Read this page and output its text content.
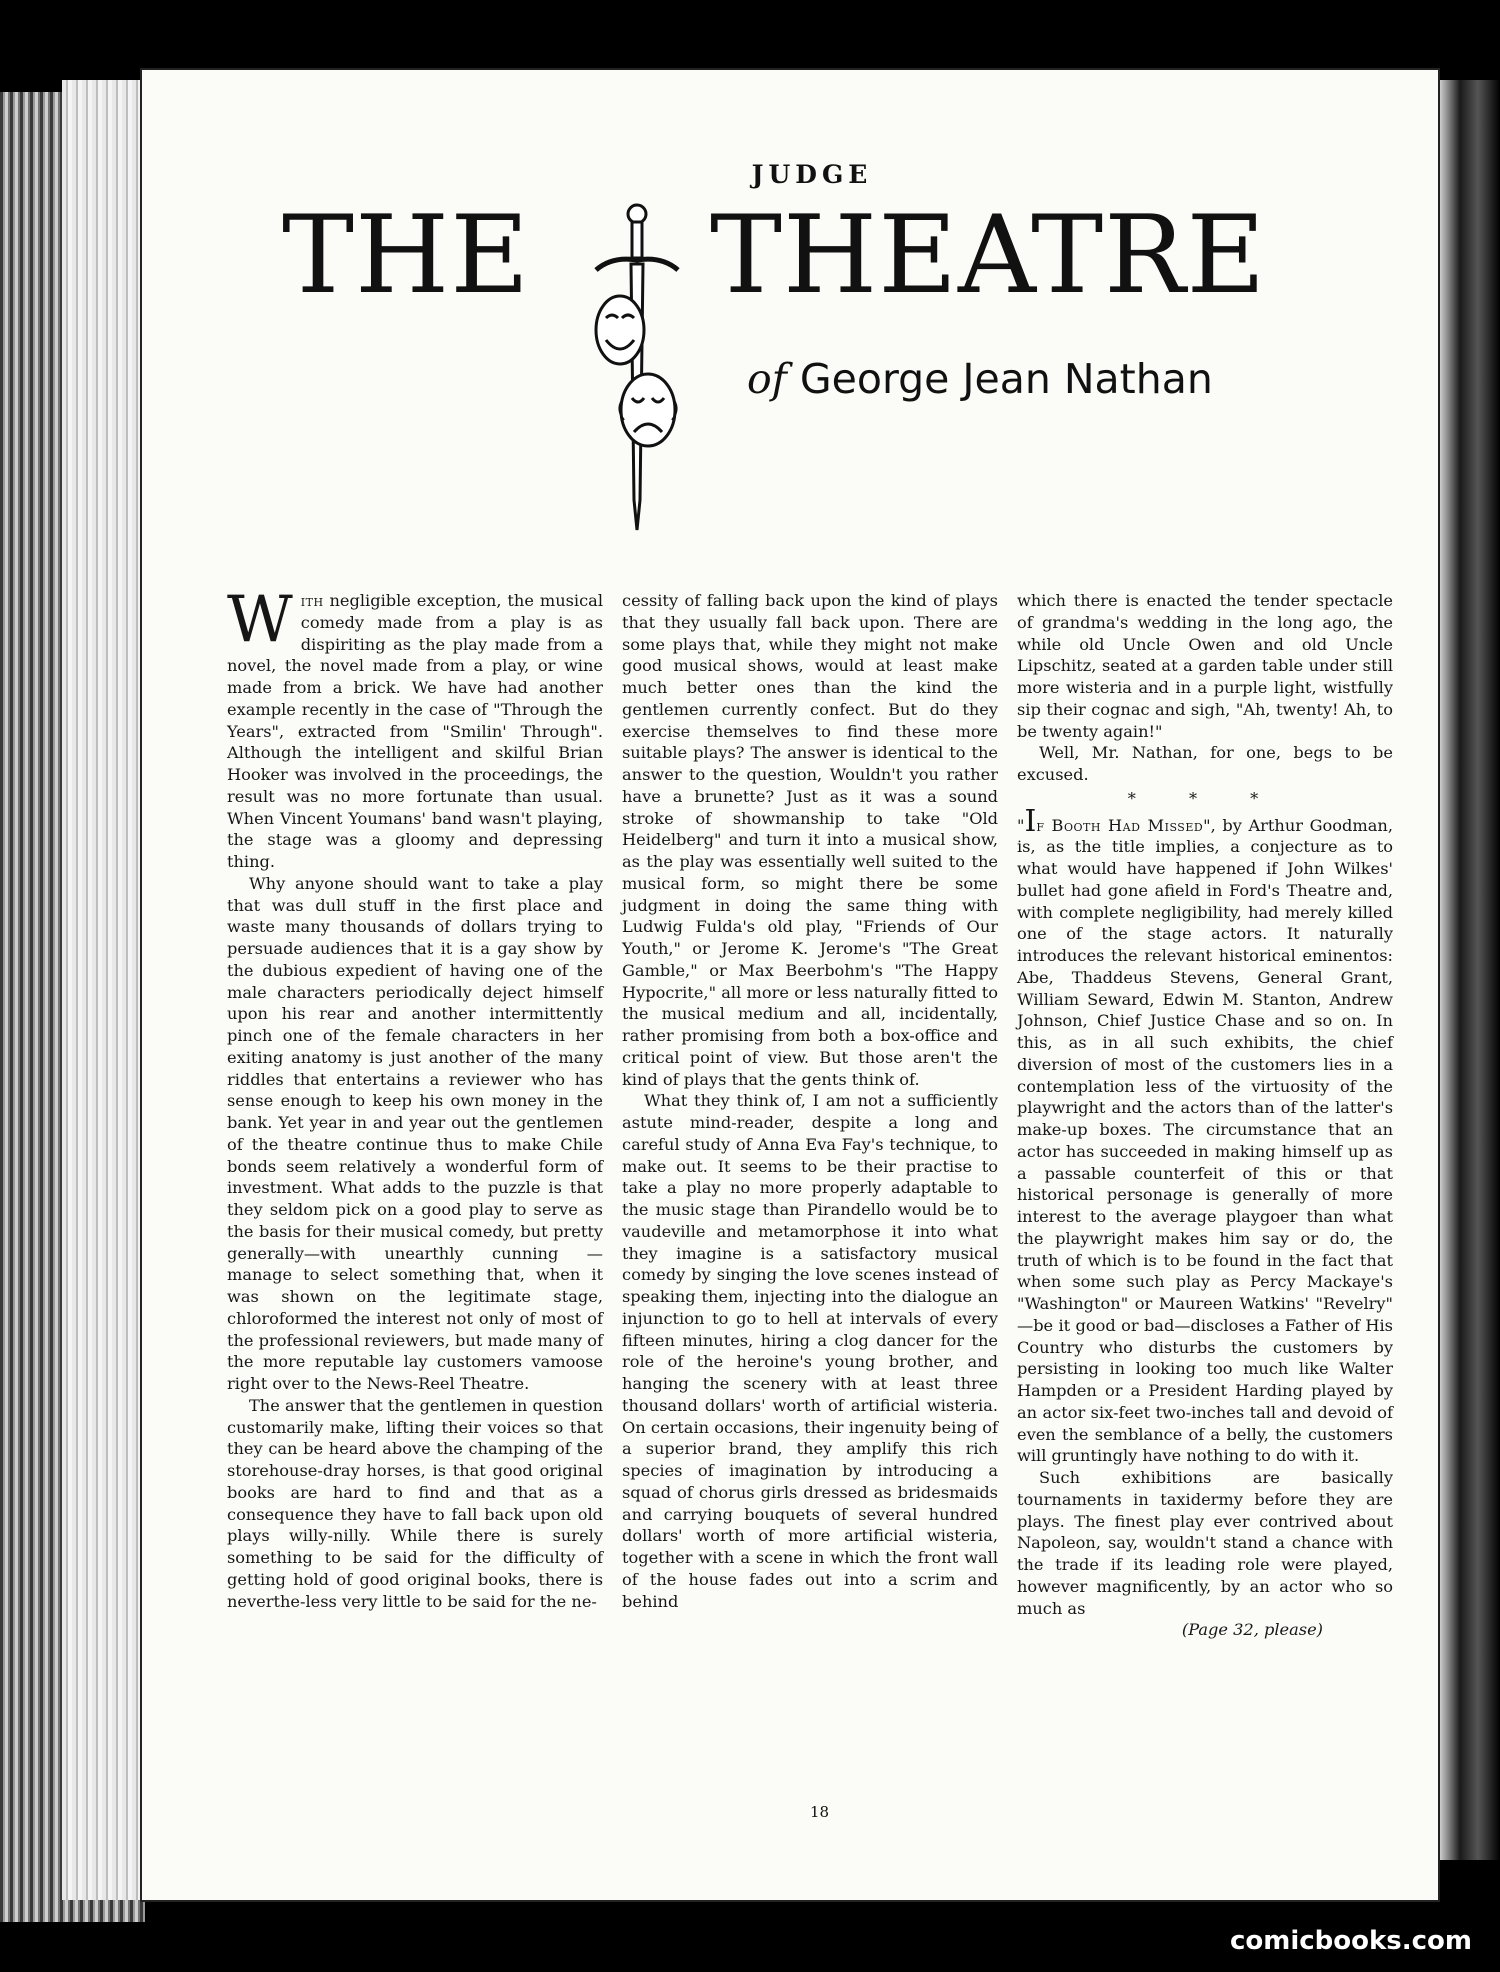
JUDGE
THE THEATRE
of George Jean Nathan

With negligible exception, the musical comedy made from a play is as dispiriting as the play made from a novel, the novel made from a play, or wine made from a brick. We have had another example recently in the case of "Through the Years", extracted from "Smilin' Through". Although the intelligent and skilful Brian Hooker was involved in the proceedings, the result was no more fortunate than usual. When Vincent Youmans' band wasn't playing, the stage was a gloomy and depressing thing.

Why anyone should want to take a play that was dull stuff in the first place and waste many thousands of dollars trying to persuade audiences that it is a gay show by the dubious expedient of having one of the male characters periodically deject himself upon his rear and another intermittently pinch one of the female characters in her exiting anatomy is just another of the many riddles that entertains a reviewer who has sense enough to keep his own money in the bank. Yet year in and year out the gentlemen of the theatre continue thus to make Chile bonds seem relatively a wonderful form of investment. What adds to the puzzle is that they seldom pick on a good play to serve as the basis for their musical comedy, but pretty generally—with unearthly cunning — manage to select something that, when it was shown on the legitimate stage, chloroformed the interest not only of most of the professional reviewers, but made many of the more reputable lay customers vamoose right over to the News-Reel Theatre.

The answer that the gentlemen in question customarily make, lifting their voices so that they can be heard above the champing of the storehouse-dray horses, is that good original books are hard to find and that as a consequence they have to fall back upon old plays willy-nilly. While there is surely something to be said for the difficulty of getting hold of good original books, there is neverthe-less very little to be said for the ne-

cessity of falling back upon the kind of plays that they usually fall back upon. There are some plays that, while they might not make good musical shows, would at least make much better ones than the kind the gentlemen currently confect. But do they exercise themselves to find these more suitable plays? The answer is identical to the answer to the question, Wouldn't you rather have a brunette? Just as it was a sound stroke of showmanship to take "Old Heidelberg" and turn it into a musical show, as the play was essentially well suited to the musical form, so might there be some judgment in doing the same thing with Ludwig Fulda's old play, "Friends of Our Youth," or Jerome K. Jerome's "The Great Gamble," or Max Beerbohm's "The Happy Hypocrite," all more or less naturally fitted to the musical medium and all, incidentally, rather promising from both a box-office and critical point of view. But those aren't the kind of plays that the gents think of.

What they think of, I am not a sufficiently astute mind-reader, despite a long and careful study of Anna Eva Fay's technique, to make out. It seems to be their practise to take a play no more properly adaptable to the music stage than Pirandello would be to vaudeville and metamorphose it into what they imagine is a satisfactory musical comedy by singing the love scenes instead of speaking them, injecting into the dialogue an injunction to go to hell at intervals of every fifteen minutes, hiring a clog dancer for the role of the heroine's young brother, and hanging the scenery with at least three thousand dollars' worth of artificial wisteria. On certain occasions, their ingenuity being of a superior brand, they amplify this rich species of imagination by introducing a squad of chorus girls dressed as bridesmaids and carrying bouquets of several hundred dollars' worth of more artificial wisteria, together with a scene in which the front wall of the house fades out into a scrim and behind

which there is enacted the tender spectacle of grandma's wedding in the long ago, the while old Uncle Owen and old Uncle Lipschitz, seated at a garden table under still more wisteria and in a purple light, wistfully sip their cognac and sigh, "Ah, twenty! Ah, to be twenty again!"

Well, Mr. Nathan, for one, begs to be excused.

* * *

"If Booth Had Missed", by Arthur Goodman, is, as the title implies, a conjecture as to what would have happened if John Wilkes' bullet had gone afield in Ford's Theatre and, with complete negligibility, had merely killed one of the stage actors. It naturally introduces the relevant historical eminentos: Abe, Thaddeus Stevens, General Grant, William Seward, Edwin M. Stanton, Andrew Johnson, Chief Justice Chase and so on. In this, as in all such exhibits, the chief diversion of most of the customers lies in a contemplation less of the virtuosity of the playwright and the actors than of the latter's make-up boxes. The circumstance that an actor has succeeded in making himself up as a passable counterfeit of this or that historical personage is generally of more interest to the average playgoer than what the playwright makes him say or do, the truth of which is to be found in the fact that when some such play as Percy Mackaye's "Washington" or Maureen Watkins' "Revelry" —be it good or bad—discloses a Father of His Country who disturbs the customers by persisting in looking too much like Walter Hampden or a President Harding played by an actor six-feet two-inches tall and devoid of even the semblance of a belly, the customers will gruntingly have nothing to do with it.

Such exhibitions are basically tournaments in taxidermy before they are plays. The finest play ever contrived about Napoleon, say, wouldn't stand a chance with the trade if its leading role were played, however magnificently, by an actor who so much as

(Page 32, please)
18
comicbooks.com
